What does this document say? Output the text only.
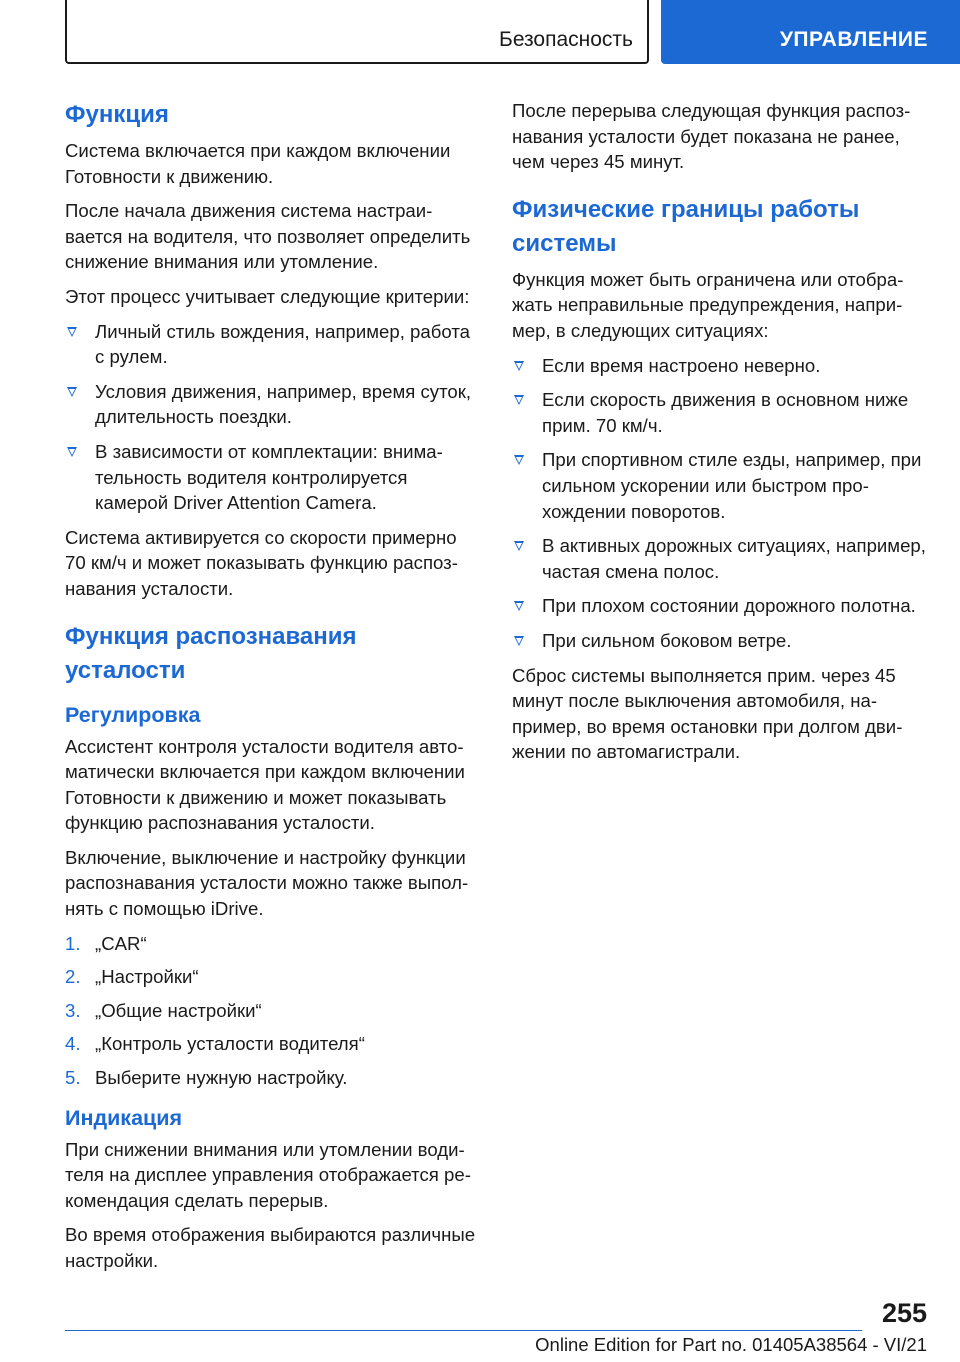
Безопасность	УПРАВЛЕНИЕ
Функция

Система включается при каждом включении Готовности к движению.

После начала движения система настраивается на водителя, что позволяет определить снижение внимания или утомление.

Этот процесс учитывает следующие критерии:

Личный стиль вождения, например, работа с рулем.
Условия движения, например, время суток, длительность поездки.
В зависимости от комплектации: внимательность водителя контролируется камерой Driver Attention Camera.

Система активируется со скорости примерно 70 км/ч и может показывать функцию распознавания усталости.

Функция распознавания усталости
Регулировка

Ассистент контроля усталости водителя автоматически включается при каждом включении Готовности к движению и может показывать функцию распознавания усталости.

Включение, выключение и настройку функции распознавания усталости можно также выполнять с помощью iDrive.

1. „CAR“
2. „Настройки“
3. „Общие настройки“
4. „Контроль усталости водителя“
5. Выберите нужную настройку.
Индикация

При снижении внимания или утомлении водителя на дисплее управления отображается рекомендация сделать перерыв.

Во время отображения выбираются различные настройки.

После перерыва следующая функция распознавания усталости будет показана не ранее, чем через 45 минут.

Физические границы работы системы

Функция может быть ограничена или отображать неправильные предупреждения, например, в следующих ситуациях:

Если время настроено неверно.
Если скорость движения в основном ниже прим. 70 км/ч.
При спортивном стиле езды, например, при сильном ускорении или быстром прохождении поворотов.
В активных дорожных ситуациях, например, частая смена полос.
При плохом состоянии дорожного полотна.
При сильном боковом ветре.

Сброс системы выполняется прим. через 45 минут после выключения автомобиля, например, во время остановки при долгом движении по автомагистрали.

255
Online Edition for Part no. 01405A38564 - VI/21
